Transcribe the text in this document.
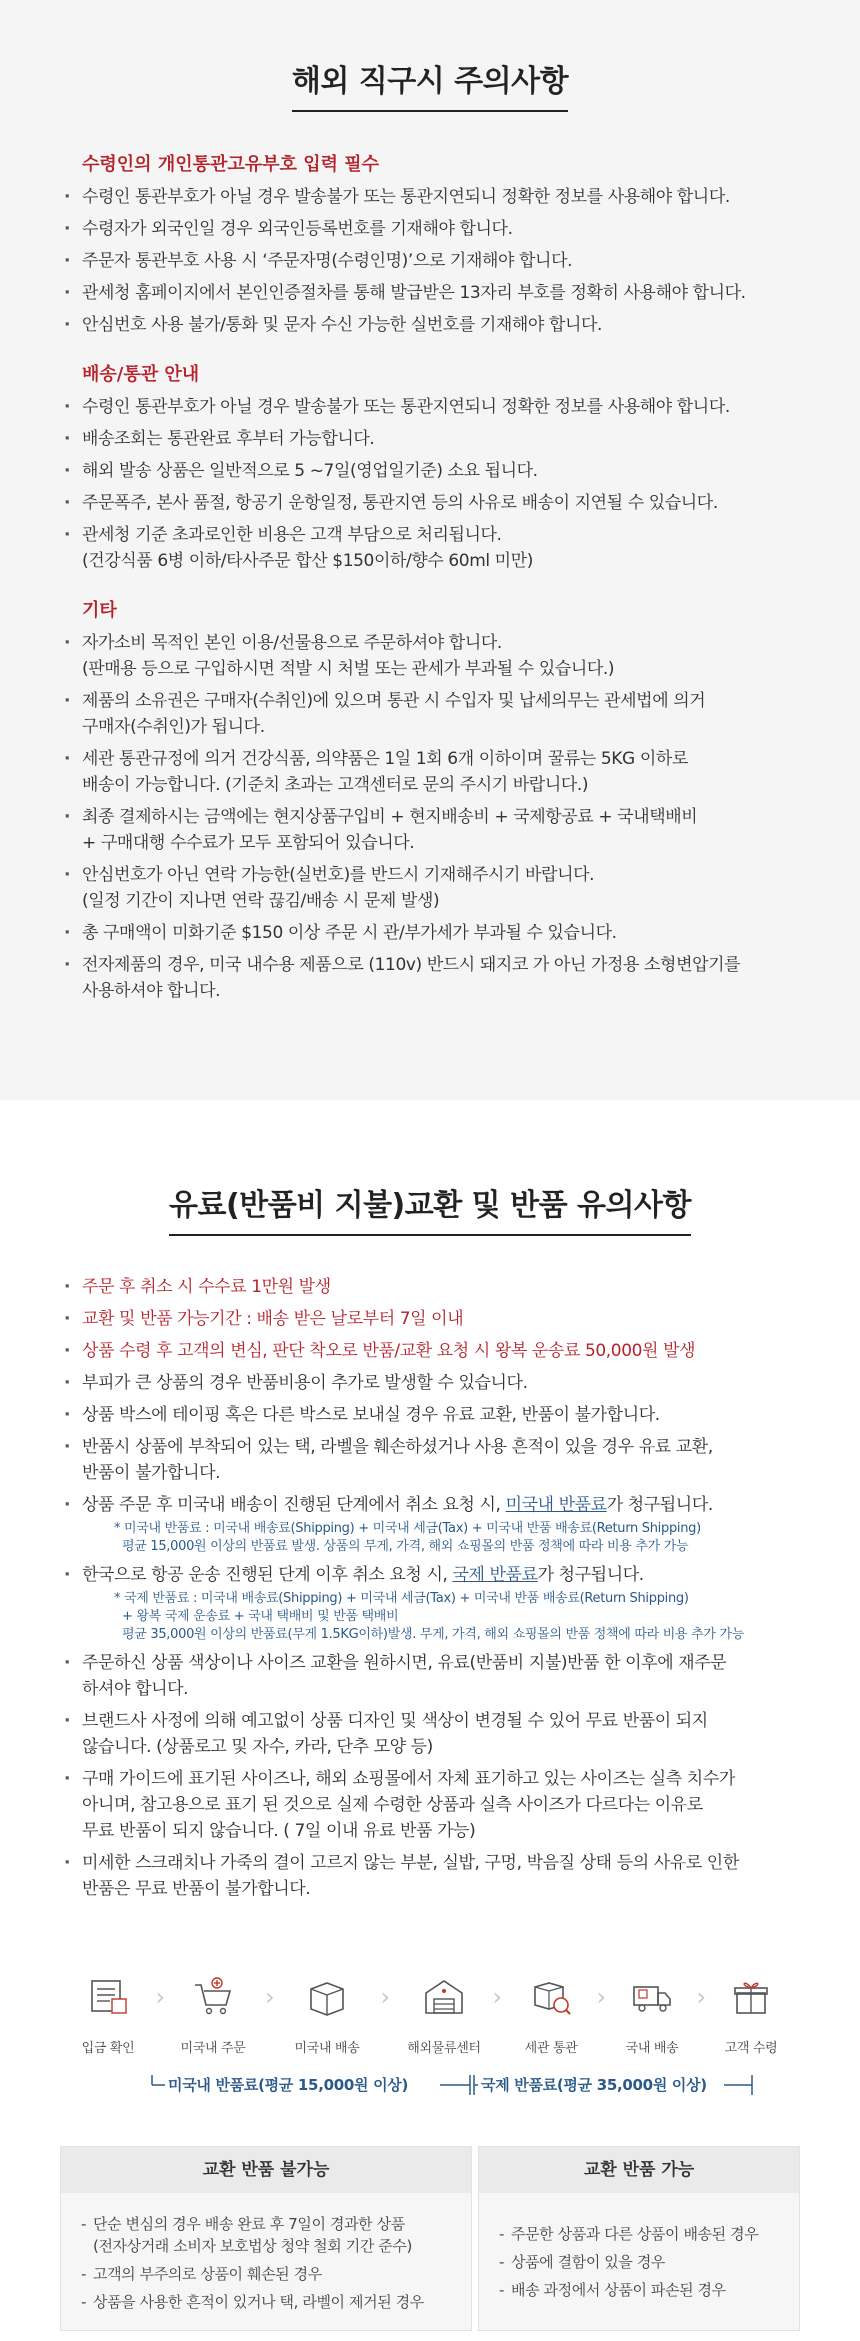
해외 직구시 주의사항
수령인의 개인통관고유부호 입력 필수
· 수령인 통관부호가 아닐 경우 발송불가 또는 통관지연되니 정확한 정보를 사용해야 합니다.
· 수령자가 외국인일 경우 외국인등록번호를 기재해야 합니다.
· 주문자 통관부호 사용 시 ‘주문자명(수령인명)’으로 기재해야 합니다.
· 관세청 홈페이지에서 본인인증절차를 통해 발급받은 13자리 부호를 정확히 사용해야 합니다.
· 안심번호 사용 불가/통화 및 문자 수신 가능한 실번호를 기재해야 합니다.
배송/통관 안내
· 수령인 통관부호가 아닐 경우 발송불가 또는 통관지연되니 정확한 정보를 사용해야 합니다.
· 배송조회는 통관완료 후부터 가능합니다.
· 해외 발송 상품은 일반적으로 5 ~7일(영업일기준) 소요 됩니다.
· 주문폭주, 본사 품절, 항공기 운항일정, 통관지연 등의 사유로 배송이 지연될 수 있습니다.
· 관세청 기준 초과로인한 비용은 고객 부담으로 처리됩니다.
(건강식품 6병 이하/타사주문 합산 $150이하/향수 60ml 미만)
기타
· 자가소비 목적인 본인 이용/선물용으로 주문하셔야 합니다.
(판매용 등으로 구입하시면 적발 시 처벌 또는 관세가 부과될 수 있습니다.)
· 제품의 소유권은 구매자(수취인)에 있으며 통관 시 수입자 및 납세의무는 관세법에 의거
구매자(수취인)가 됩니다.
· 세관 통관규정에 의거 건강식품, 의약품은 1일 1회 6개 이하이며 꿀류는 5KG 이하로
배송이 가능합니다. (기준치 초과는 고객센터로 문의 주시기 바랍니다.)
· 최종 결제하시는 금액에는 현지상품구입비 + 현지배송비 + 국제항공료 + 국내택배비
+ 구매대행 수수료가 모두 포함되어 있습니다.
· 안심번호가 아닌 연락 가능한(실번호)를 반드시 기재해주시기 바랍니다.
(일정 기간이 지나면 연락 끊김/배송 시 문제 발생)
· 총 구매액이 미화기준 $150 이상 주문 시 관/부가세가 부과될 수 있습니다.
· 전자제품의 경우, 미국 내수용 제품으로 (110v) 반드시 돼지코 가 아닌 가정용 소형변압기를
사용하셔야 합니다.
유료(반품비 지불)교환 및 반품 유의사항
· 주문 후 취소 시 수수료 1만원 발생
· 교환 및 반품 가능기간 : 배송 받은 날로부터 7일 이내
· 상품 수령 후 고객의 변심, 판단 착오로 반품/교환 요청 시 왕복 운송료 50,000원 발생
· 부피가 큰 상품의 경우 반품비용이 추가로 발생할 수 있습니다.
· 상품 박스에 테이핑 혹은 다른 박스로 보내실 경우 유료 교환, 반품이 불가합니다.
· 반품시 상품에 부착되어 있는 택, 라벨을 훼손하셨거나 사용 흔적이 있을 경우 유료 교환,
반품이 불가합니다.
· 상품 주문 후 미국내 배송이 진행된 단계에서 취소 요청 시, 미국내 반품료가 청구됩니다.
* 미국내 반품료 : 미국내 배송료(Shipping) + 미국내 세금(Tax) + 미국내 반품 배송료(Return Shipping)
평균 15,000원 이상의 반품료 발생. 상품의 무게, 가격, 해외 쇼핑몰의 반품 정책에 따라 비용 추가 가능
· 한국으로 항공 운송 진행된 단계 이후 취소 요청 시, 국제 반품료가 청구됩니다.
* 국제 반품료 : 미국내 배송료(Shipping) + 미국내 세금(Tax) + 미국내 반품 배송료(Return Shipping)
+ 왕복 국제 운송료 + 국내 택배비 및 반품 택배비
평균 35,000원 이상의 반품료(무게 1.5KG이하)발생. 무게, 가격, 해외 쇼핑몰의 반품 정책에 따라 비용 추가 가능
· 주문하신 상품 색상이나 사이즈 교환을 원하시면, 유료(반품비 지불)반품 한 이후에 재주문
하셔야 합니다.
· 브랜드사 사정에 의해 예고없이 상품 디자인 및 색상이 변경될 수 있어 무료 반품이 되지
않습니다. (상품로고 및 자수, 카라, 단추 모양 등)
· 구매 가이드에 표기된 사이즈나, 해외 쇼핑몰에서 자체 표기하고 있는 사이즈는 실측 치수가
아니며, 참고용으로 표기 된 것으로 실제 수령한 상품과 실측 사이즈가 다르다는 이유로
무료 반품이 되지 않습니다. ( 7일 이내 유료 반품 가능)
· 미세한 스크래치나 가죽의 결이 고르지 않는 부분, 실밥, 구멍, 박음질 상태 등의 사유로 인한
반품은 무료 반품이 불가합니다.
입금 확인
›
미국내 주문
›
미국내 배송
›
해외물류센터
›
세관 통관
›
국내 배송
›
고객 수령
미국내 반품료(평균 15,000원 이상)	국제 반품료(평균 35,000원 이상)
교환 반품 불가능
- 단순 변심의 경우 배송 완료 후 7일이 경과한 상품
(전자상거래 소비자 보호법상 청약 철회 기간 준수)
- 고객의 부주의로 상품이 훼손된 경우
- 상품을 사용한 흔적이 있거나 택, 라벨이 제거된 경우
교환 반품 가능
- 주문한 상품과 다른 상품이 배송된 경우
- 상품에 결함이 있을 경우
- 배송 과정에서 상품이 파손된 경우
